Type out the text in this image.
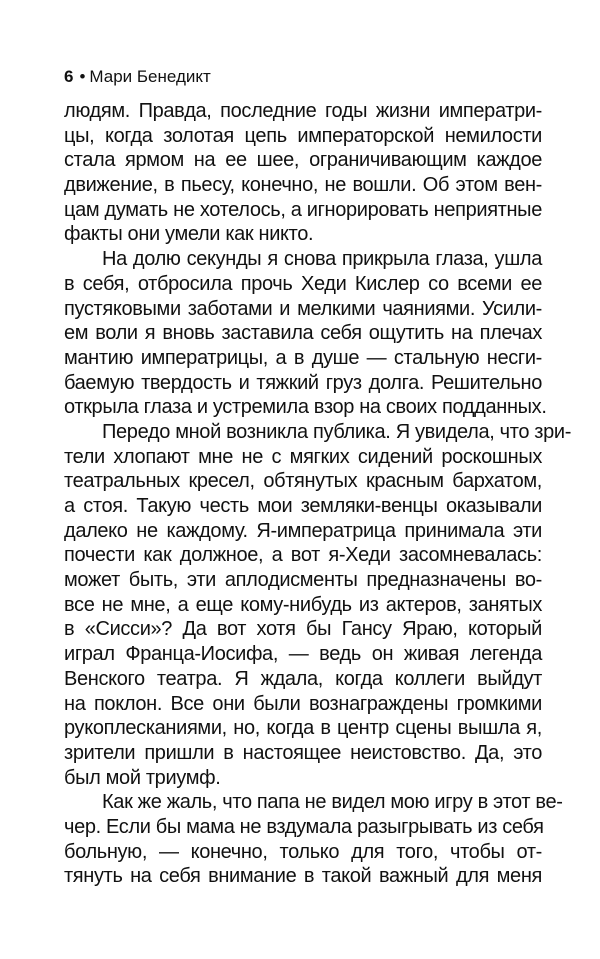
6 • Мари Бенедикт
людям. Правда, последние годы жизни императри-
цы, когда золотая цепь императорской немилости
стала ярмом на ее шее, ограничивающим каждое
движение, в пьесу, конечно, не вошли. Об этом вен-
цам думать не хотелось, а игнорировать неприятные
факты они умели как никто.
На долю секунды я снова прикрыла глаза, ушла
в себя, отбросила прочь Хеди Кислер со всеми ее
пустяковыми заботами и мелкими чаяниями. Усили-
ем воли я вновь заставила себя ощутить на плечах
мантию императрицы, а в душе — стальную несги-
баемую твердость и тяжкий груз долга. Решительно
открыла глаза и устремила взор на своих подданных.
Передо мной возникла публика. Я увидела, что зри-
тели хлопают мне не с мягких сидений роскошных
театральных кресел, обтянутых красным бархатом,
а стоя. Такую честь мои земляки-венцы оказывали
далеко не каждому. Я-императрица принимала эти
почести как должное, а вот я-Хеди засомневалась:
может быть, эти аплодисменты предназначены во-
все не мне, а еще кому-нибудь из актеров, занятых
в «Сисси»? Да вот хотя бы Гансу Яраю, который
играл Франца-Иосифа, — ведь он живая легенда
Венского театра. Я ждала, когда коллеги выйдут
на поклон. Все они были вознаграждены громкими
рукоплесканиями, но, когда в центр сцены вышла я,
зрители пришли в настоящее неистовство. Да, это
был мой триумф.
Как же жаль, что папа не видел мою игру в этот ве-
чер. Если бы мама не вздумала разыгрывать из себя
больную, — конечно, только для того, чтобы от-
тянуть на себя внимание в такой важный для меня
